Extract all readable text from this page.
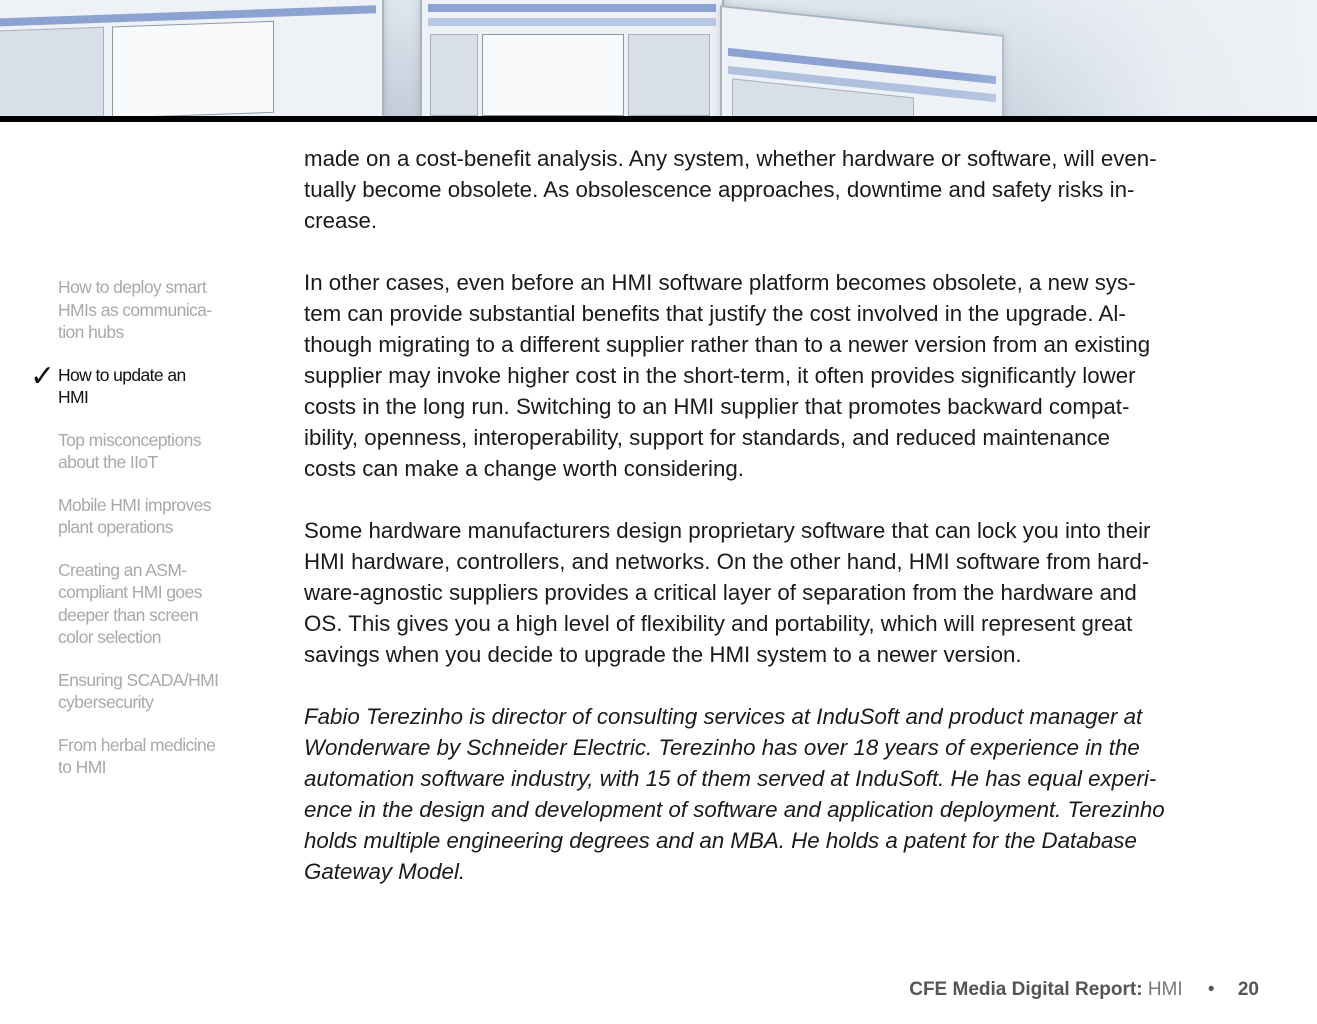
How to deploy smart
HMIs as communica-
tion hubs
✓ How to update an
HMI
Top misconceptions
about the IIoT
Mobile HMI improves
plant operations
Creating an ASM-
compliant HMI goes
deeper than screen
color selection
Ensuring SCADA/HMI
cybersecurity
From herbal medicine
to HMI

made on a cost-benefit analysis. Any system, whether hardware or software, will even-
tually become obsolete. As obsolescence approaches, downtime and safety risks in-
crease.

In other cases, even before an HMI software platform becomes obsolete, a new sys-
tem can provide substantial benefits that justify the cost involved in the upgrade. Al-
though migrating to a different supplier rather than to a newer version from an existing
supplier may invoke higher cost in the short-term, it often provides significantly lower
costs in the long run. Switching to an HMI supplier that promotes backward compat-
ibility, openness, interoperability, support for standards, and reduced maintenance
costs can make a change worth considering.

Some hardware manufacturers design proprietary software that can lock you into their
HMI hardware, controllers, and networks. On the other hand, HMI software from hard-
ware-agnostic suppliers provides a critical layer of separation from the hardware and
OS. This gives you a high level of flexibility and portability, which will represent great
savings when you decide to upgrade the HMI system to a newer version.

Fabio Terezinho is director of consulting services at InduSoft and product manager at
Wonderware by Schneider Electric. Terezinho has over 18 years of experience in the
automation software industry, with 15 of them served at InduSoft. He has equal experi-
ence in the design and development of software and application deployment. Terezinho
holds multiple engineering degrees and an MBA. He holds a patent for the Database
Gateway Model.

CFE Media Digital Report: HMI • 20
